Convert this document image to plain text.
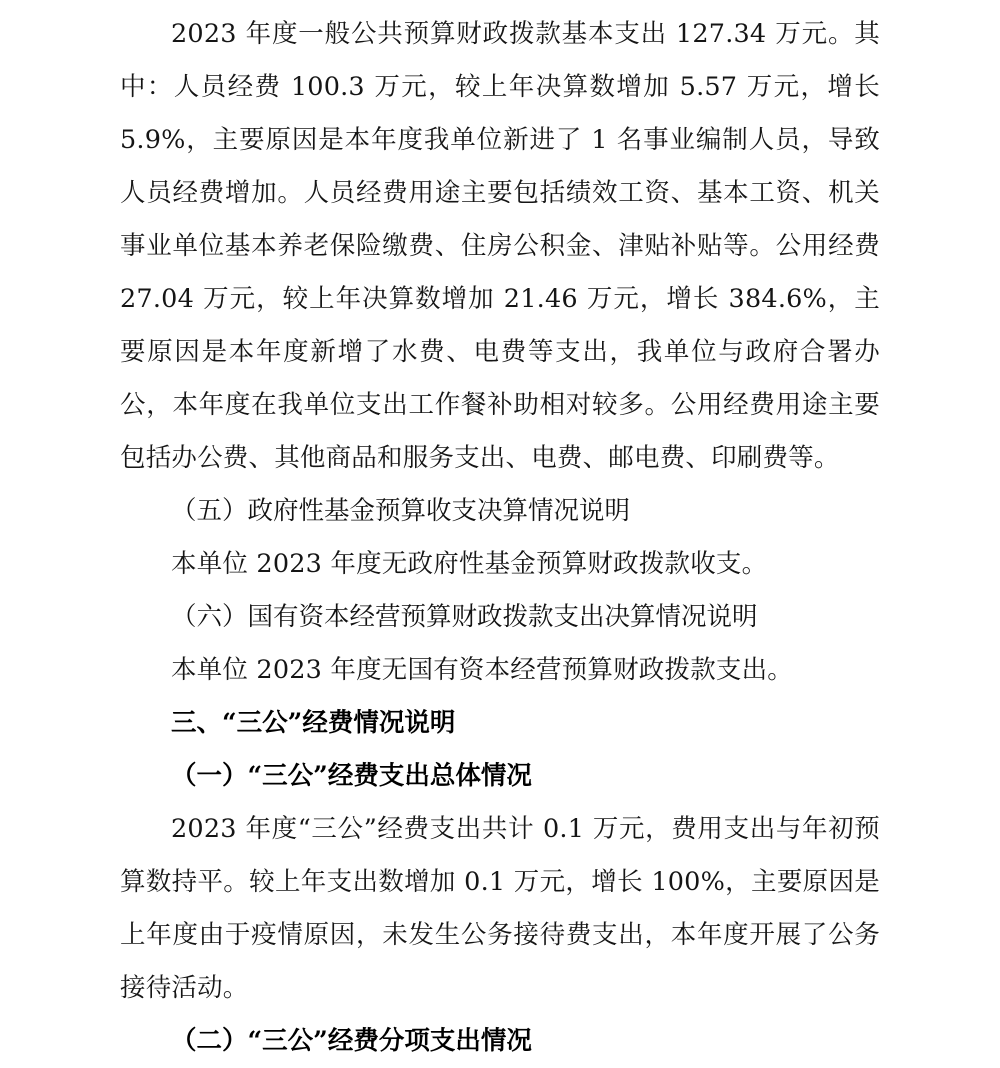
2023 年度一般公共预算财政拨款基本支出 127.34 万元。其中：人员经费 100.3 万元，较上年决算数增加 5.57 万元，增长 5.9%，主要原因是本年度我单位新进了 1 名事业编制人员，导致人员经费增加。人员经费用途主要包括绩效工资、基本工资、机关事业单位基本养老保险缴费、住房公积金、津贴补贴等。公用经费 27.04 万元，较上年决算数增加 21.46 万元，增长 384.6%，主要原因是本年度新增了水费、电费等支出，我单位与政府合署办公，本年度在我单位支出工作餐补助相对较多。公用经费用途主要包括办公费、其他商品和服务支出、电费、邮电费、印刷费等。

（五）政府性基金预算收支决算情况说明

本单位 2023 年度无政府性基金预算财政拨款收支。

（六）国有资本经营预算财政拨款支出决算情况说明

本单位 2023 年度无国有资本经营预算财政拨款支出。

三、“三公”经费情况说明

（一）“三公”经费支出总体情况

2023 年度“三公”经费支出共计 0.1 万元，费用支出与年初预算数持平。较上年支出数增加 0.1 万元，增长 100%，主要原因是上年度由于疫情原因，未发生公务接待费支出，本年度开展了公务接待活动。

（二）“三公”经费分项支出情况
